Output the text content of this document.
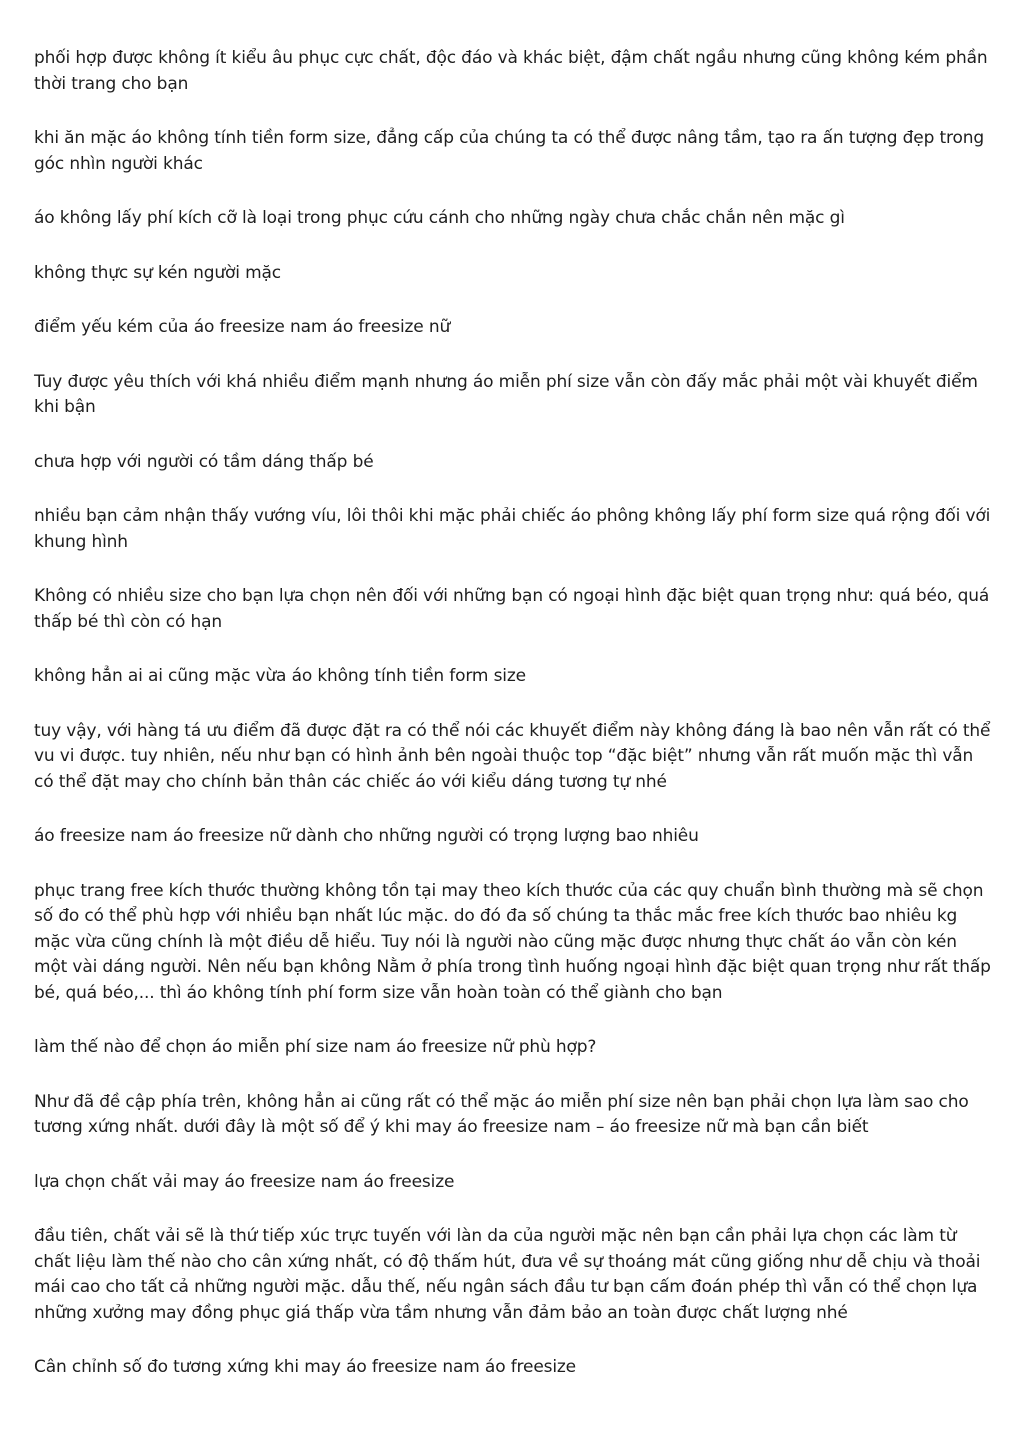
phối hợp được không ít kiểu âu phục cực chất, độc đáo và khác biệt, đậm chất ngầu nhưng cũng không kém phần thời trang cho bạn

khi ăn mặc áo không tính tiền form size, đẳng cấp của chúng ta có thể được nâng tầm, tạo ra ấn tượng đẹp trong góc nhìn người khác

áo không lấy phí kích cỡ là loại trong phục cứu cánh cho những ngày chưa chắc chắn nên mặc gì

không thực sự kén người mặc

điểm yếu kém của áo freesize nam áo freesize nữ

Tuy được yêu thích với khá nhiều điểm mạnh nhưng áo miễn phí size vẫn còn đấy mắc phải một vài khuyết điểm khi bận

chưa hợp với người có tầm dáng thấp bé

nhiều bạn cảm nhận thấy vướng víu, lôi thôi khi mặc phải chiếc áo phông không lấy phí form size quá rộng đối với khung hình

Không có nhiều size cho bạn lựa chọn nên đối với những bạn có ngoại hình đặc biệt quan trọng như: quá béo, quá thấp bé thì còn có hạn

không hẳn ai ai cũng mặc vừa áo không tính tiền form size

tuy vậy, với hàng tá ưu điểm đã được đặt ra có thể nói các khuyết điểm này không đáng là bao nên vẫn rất có thể vu vi được. tuy nhiên, nếu như bạn có hình ảnh bên ngoài thuộc top “đặc biệt” nhưng vẫn rất muốn mặc thì vẫn có thể đặt may cho chính bản thân các chiếc áo với kiểu dáng tương tự nhé

áo freesize nam áo freesize nữ dành cho những người có trọng lượng bao nhiêu

phục trang free kích thước thường không tồn tại may theo kích thước của các quy chuẩn bình thường mà sẽ chọn số đo có thể phù hợp với nhiều bạn nhất lúc mặc. do đó đa số chúng ta thắc mắc free kích thước bao nhiêu kg mặc vừa cũng chính là một điều dễ hiểu. Tuy nói là người nào cũng mặc được nhưng thực chất áo vẫn còn kén một vài dáng người. Nên nếu bạn không Nằm ở phía trong tình huống ngoại hình đặc biệt quan trọng như rất thấp bé, quá béo,... thì áo không tính phí form size vẫn hoàn toàn có thể giành cho bạn

làm thế nào để chọn áo miễn phí size nam áo freesize nữ phù hợp?

Như đã đề cập phía trên, không hẳn ai cũng rất có thể mặc áo miễn phí size nên bạn phải chọn lựa làm sao cho tương xứng nhất. dưới đây là một số để ý khi may áo freesize nam – áo freesize nữ mà bạn cần biết

lựa chọn chất vải may áo freesize nam áo freesize

đầu tiên, chất vải sẽ là thứ tiếp xúc trực tuyến với làn da của người mặc nên bạn cần phải lựa chọn các làm từ chất liệu làm thế nào cho cân xứng nhất, có độ thấm hút, đưa về sự thoáng mát cũng giống như dễ chịu và thoải mái cao cho tất cả những người mặc. dẫu thế, nếu ngân sách đầu tư bạn cấm đoán phép thì vẫn có thể chọn lựa những xưởng may đồng phục giá thấp vừa tầm nhưng vẫn đảm bảo an toàn được chất lượng nhé

Cân chỉnh số đo tương xứng khi may áo freesize nam áo freesize
